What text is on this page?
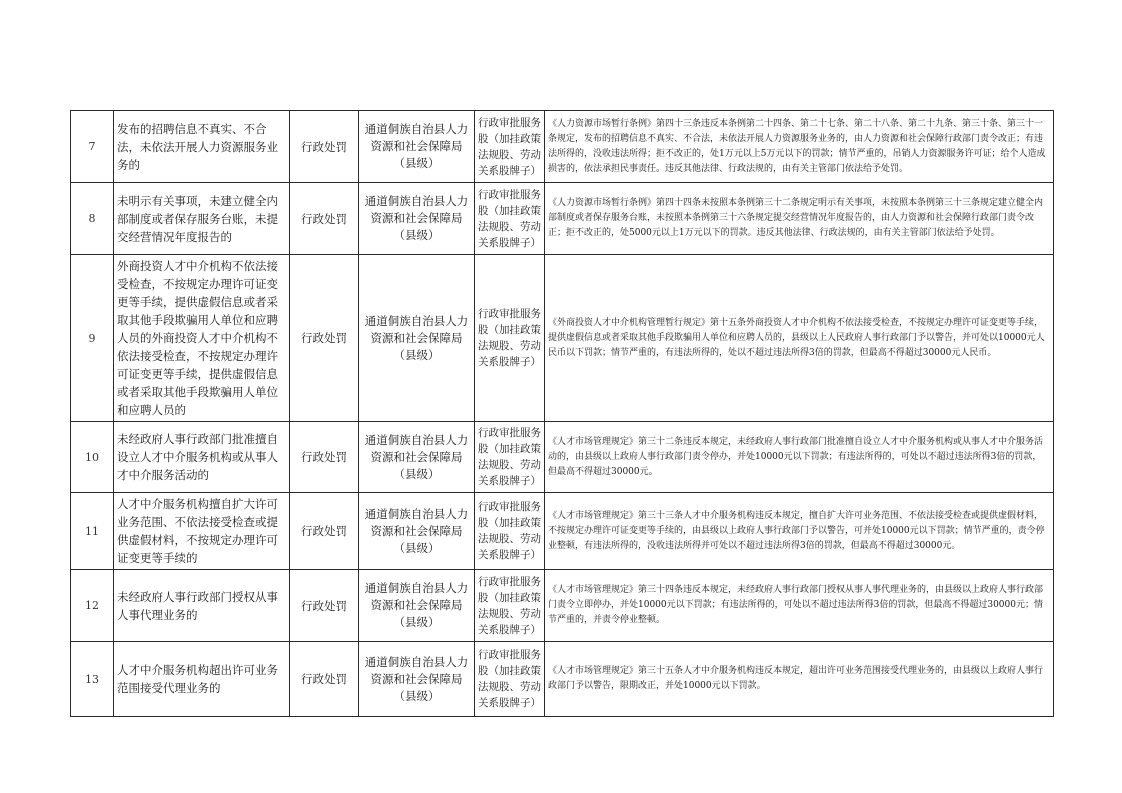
7	发布的招聘信息不真实、不合法，未依法开展人力资源服务业务的	行政处罚	通道侗族自治县人力资源和社会保障局（县级）	行政审批服务股（加挂政策法规股、劳动关系股牌子）	《人力资源市场暂行条例》第四十三条违反本条例第二十四条、第二十七条、第二十八条、第二十九条、第三十条、第三十一条规定，发布的招聘信息不真实、不合法，未依法开展人力资源服务业务的，由人力资源和社会保障行政部门责令改正；有违法所得的，没收违法所得；拒不改正的，处1万元以上5万元以下的罚款；情节严重的，吊销人力资源服务许可证；给个人造成损害的，依法承担民事责任。违反其他法律、行政法规的，由有关主管部门依法给予处罚。
8	未明示有关事项，未建立健全内部制度或者保存服务台账，未提交经营情况年度报告的	行政处罚	通道侗族自治县人力资源和社会保障局（县级）	行政审批服务股（加挂政策法规股、劳动关系股牌子）	《人力资源市场暂行条例》第四十四条未按照本条例第三十二条规定明示有关事项，未按照本条例第三十三条规定建立健全内部制度或者保存服务台账，未按照本条例第三十六条规定提交经营情况年度报告的，由人力资源和社会保障行政部门责令改正；拒不改正的，处5000元以上1万元以下的罚款。违反其他法律、行政法规的，由有关主管部门依法给予处罚。
9	外商投资人才中介机构不依法接受检查，不按规定办理许可证变更等手续，提供虚假信息或者采取其他手段欺骗用人单位和应聘人员的外商投资人才中介机构不依法接受检查，不按规定办理许可证变更等手续，提供虚假信息或者采取其他手段欺骗用人单位和应聘人员的	行政处罚	通道侗族自治县人力资源和社会保障局（县级）	行政审批服务股（加挂政策法规股、劳动关系股牌子）	《外商投资人才中介机构管理暂行规定》第十五条外商投资人才中介机构不依法接受检查，不按规定办理许可证变更等手续，提供虚假信息或者采取其他手段欺骗用人单位和应聘人员的，县级以上人民政府人事行政部门予以警告，并可处以10000元人民币以下罚款；情节严重的，有违法所得的，处以不超过违法所得3倍的罚款，但最高不得超过30000元人民币。
10	未经政府人事行政部门批准擅自设立人才中介服务机构或从事人才中介服务活动的	行政处罚	通道侗族自治县人力资源和社会保障局（县级）	行政审批服务股（加挂政策法规股、劳动关系股牌子）	《人才市场管理规定》第三十二条违反本规定，未经政府人事行政部门批准擅自设立人才中介服务机构或从事人才中介服务活动的，由县级以上政府人事行政部门责令停办，并处10000元以下罚款；有违法所得的，可处以不超过违法所得3倍的罚款，但最高不得超过30000元。
11	人才中介服务机构擅自扩大许可业务范围、不依法接受检查或提供虚假材料，不按规定办理许可证变更等手续的	行政处罚	通道侗族自治县人力资源和社会保障局（县级）	行政审批服务股（加挂政策法规股、劳动关系股牌子）	《人才市场管理规定》第三十三条人才中介服务机构违反本规定，擅自扩大许可业务范围、不依法接受检查或提供虚假材料，不按规定办理许可证变更等手续的，由县级以上政府人事行政部门予以警告，可并处10000元以下罚款；情节严重的，责令停业整顿，有违法所得的，没收违法所得并可处以不超过违法所得3倍的罚款，但最高不得超过30000元。
12	未经政府人事行政部门授权从事人事代理业务的	行政处罚	通道侗族自治县人力资源和社会保障局（县级）	行政审批服务股（加挂政策法规股、劳动关系股牌子）	《人才市场管理规定》第三十四条违反本规定，未经政府人事行政部门授权从事人事代理业务的，由县级以上政府人事行政部门责令立即停办，并处10000元以下罚款；有违法所得的，可处以不超过违法所得3倍的罚款，但最高不得超过30000元；情节严重的，并责令停业整顿。
13	人才中介服务机构超出许可业务范围接受代理业务的	行政处罚	通道侗族自治县人力资源和社会保障局（县级）	行政审批服务股（加挂政策法规股、劳动关系股牌子）	《人才市场管理规定》第三十五条人才中介服务机构违反本规定，超出许可业务范围接受代理业务的，由县级以上政府人事行政部门予以警告，限期改正，并处10000元以下罚款。
